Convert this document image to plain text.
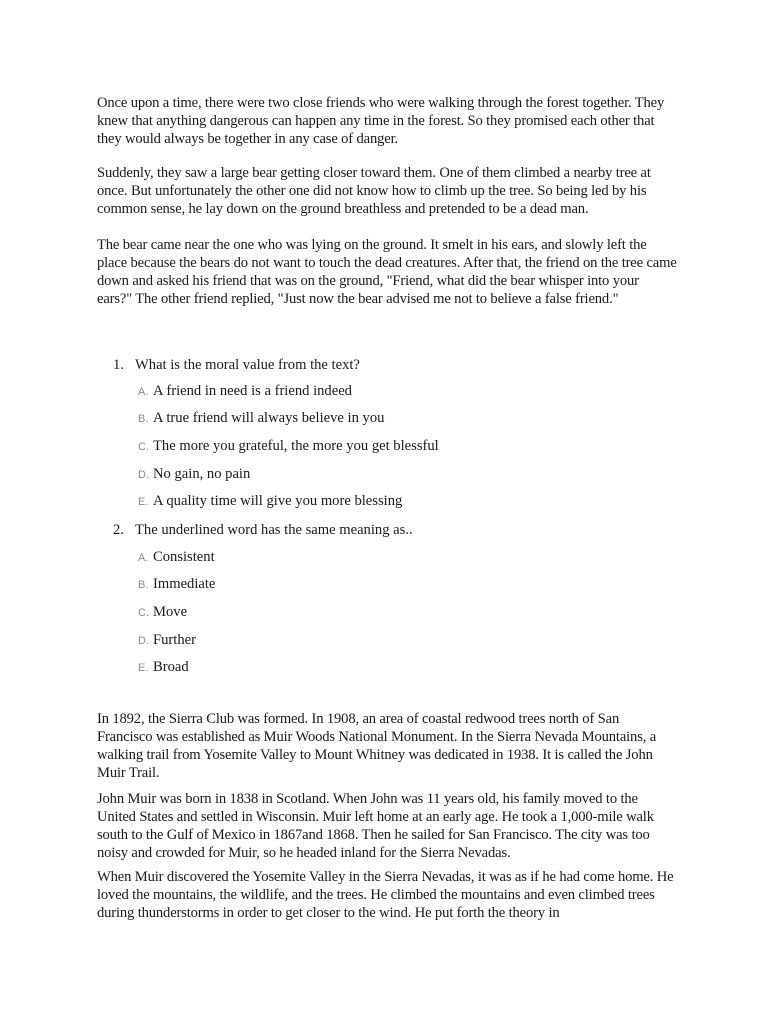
Once upon a time, there were two close friends who were walking through the forest together. They knew that anything dangerous can happen any time in the forest. So they promised each other that they would always be together in any case of danger.

Suddenly, they saw a large bear getting closer toward them. One of them climbed a nearby tree at once. But unfortunately the other one did not know how to climb up the tree. So being led by his common sense, he lay down on the ground breathless and pretended to be a dead man.

The bear came near the one who was lying on the ground. It smelt in his ears, and slowly left the place because the bears do not want to touch the dead creatures. After that, the friend on the tree came down and asked his friend that was on the ground, "Friend, what did the bear whisper into your ears?" The other friend replied, "Just now the bear advised me not to believe a false friend."

1. What is the moral value from the text?
A. A friend in need is a friend indeed
B. A true friend will always believe in you
C. The more you grateful, the more you get blessful
D. No gain, no pain
E. A quality time will give you more blessing
2. The underlined word has the same meaning as..
A. Consistent
B. Immediate
C. Move
D. Further
E. Broad

In 1892, the Sierra Club was formed. In 1908, an area of coastal redwood trees north of San Francisco was established as Muir Woods National Monument. In the Sierra Nevada Mountains, a walking trail from Yosemite Valley to Mount Whitney was dedicated in 1938. It is called the John Muir Trail.

John Muir was born in 1838 in Scotland. When John was 11 years old, his family moved to the United States and settled in Wisconsin. Muir left home at an early age. He took a 1,000-mile walk south to the Gulf of Mexico in 1867and 1868. Then he sailed for San Francisco. The city was too noisy and crowded for Muir, so he headed inland for the Sierra Nevadas.

When Muir discovered the Yosemite Valley in the Sierra Nevadas, it was as if he had come home. He loved the mountains, the wildlife, and the trees. He climbed the mountains and even climbed trees during thunderstorms in order to get closer to the wind. He put forth the theory in
